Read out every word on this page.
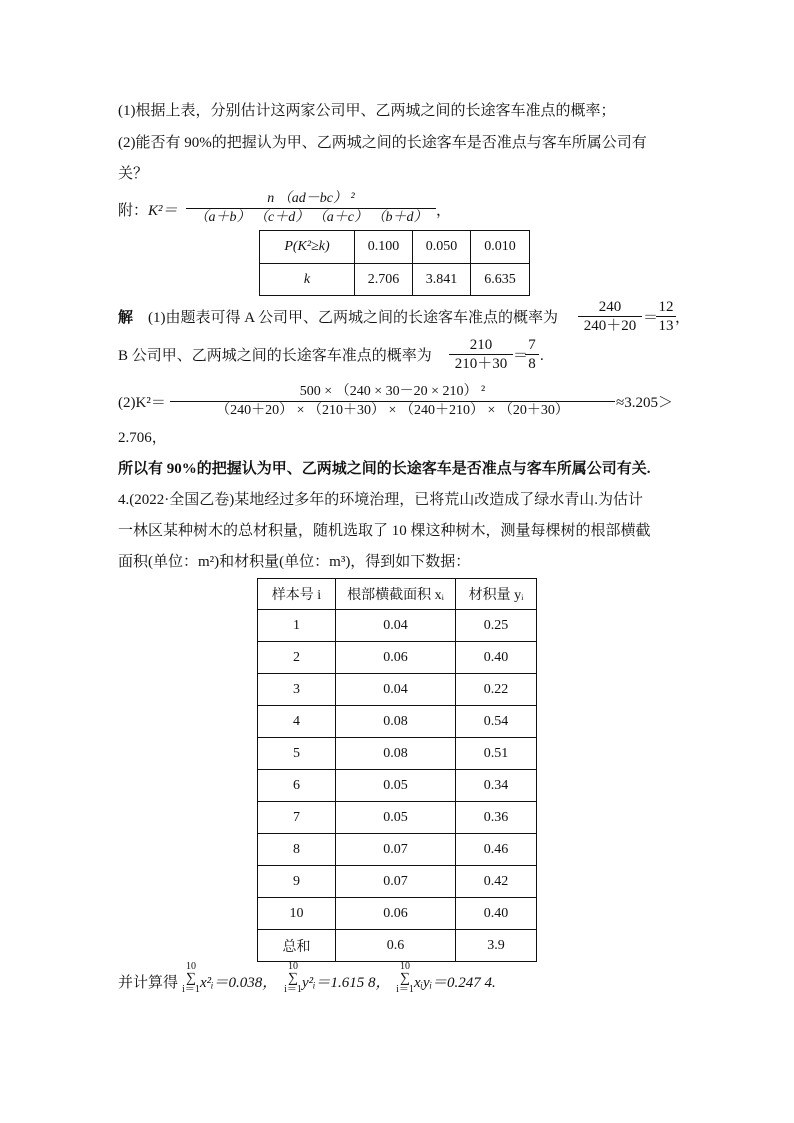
(1)根据上表，分别估计这两家公司甲、乙两城之间的长途客车准点的概率；
(2)能否有 90%的把握认为甲、乙两城之间的长途客车是否准点与客车所属公司有
关？
附： $K^2= \frac{\text{n （ad－bc） ²}}{(a+b) (c+d) (a+c) (b+d)}$ ，
P(K²≥k)	0.100	0.050	0.010
k	2.706	3.841	6.635
解 (1)由题表可得 A 公司甲、乙两城之间的长途客车准点的概率为 $\frac{240}{240+20}$ ＝
$\frac{12}{13}$ ，
B 公司甲、乙两城之间的长途客车准点的概率为 $\frac{210}{210+30}$ ＝
$\frac{7}{8}$ .
$(2)K^2= \frac{\text{500 × （240 × 30－20 × 210） ²}}{(240+20) \times (210+30) \times (240+210) \times (20+30)} \approx 3.205>$
2.706，
所以有 90%的把握认为甲、乙两城之间的长途客车是否准点与客车所属公司有关.
4.(2022·全国乙卷)某地经过多年的环境治理，已将荒山改造成了绿水青山.为估计
一林区某种树木的总材积量，随机选取了 10 棵这种树木，测量每棵树的根部横截
面积(单位：m²)和材积量(单位：m³)，得到如下数据：
样本号 i	根部横截面积 xᵢ	材积量 yᵢ
1	0.04	0.25
2	0.06	0.40
3	0.04	0.22
4	0.08	0.54
5	0.08	0.51
6	0.05	0.34
7	0.05	0.36
8	0.07	0.46
9	0.07	0.42
10	0.06	0.40
总和	0.6	3.9
并计算得
10
∑
i＝1 x²ᵢ＝0.038，
10
∑
i＝1 y²ᵢ＝1.615 8，
10
∑
i＝1 xᵢyᵢ＝0.247 4.
